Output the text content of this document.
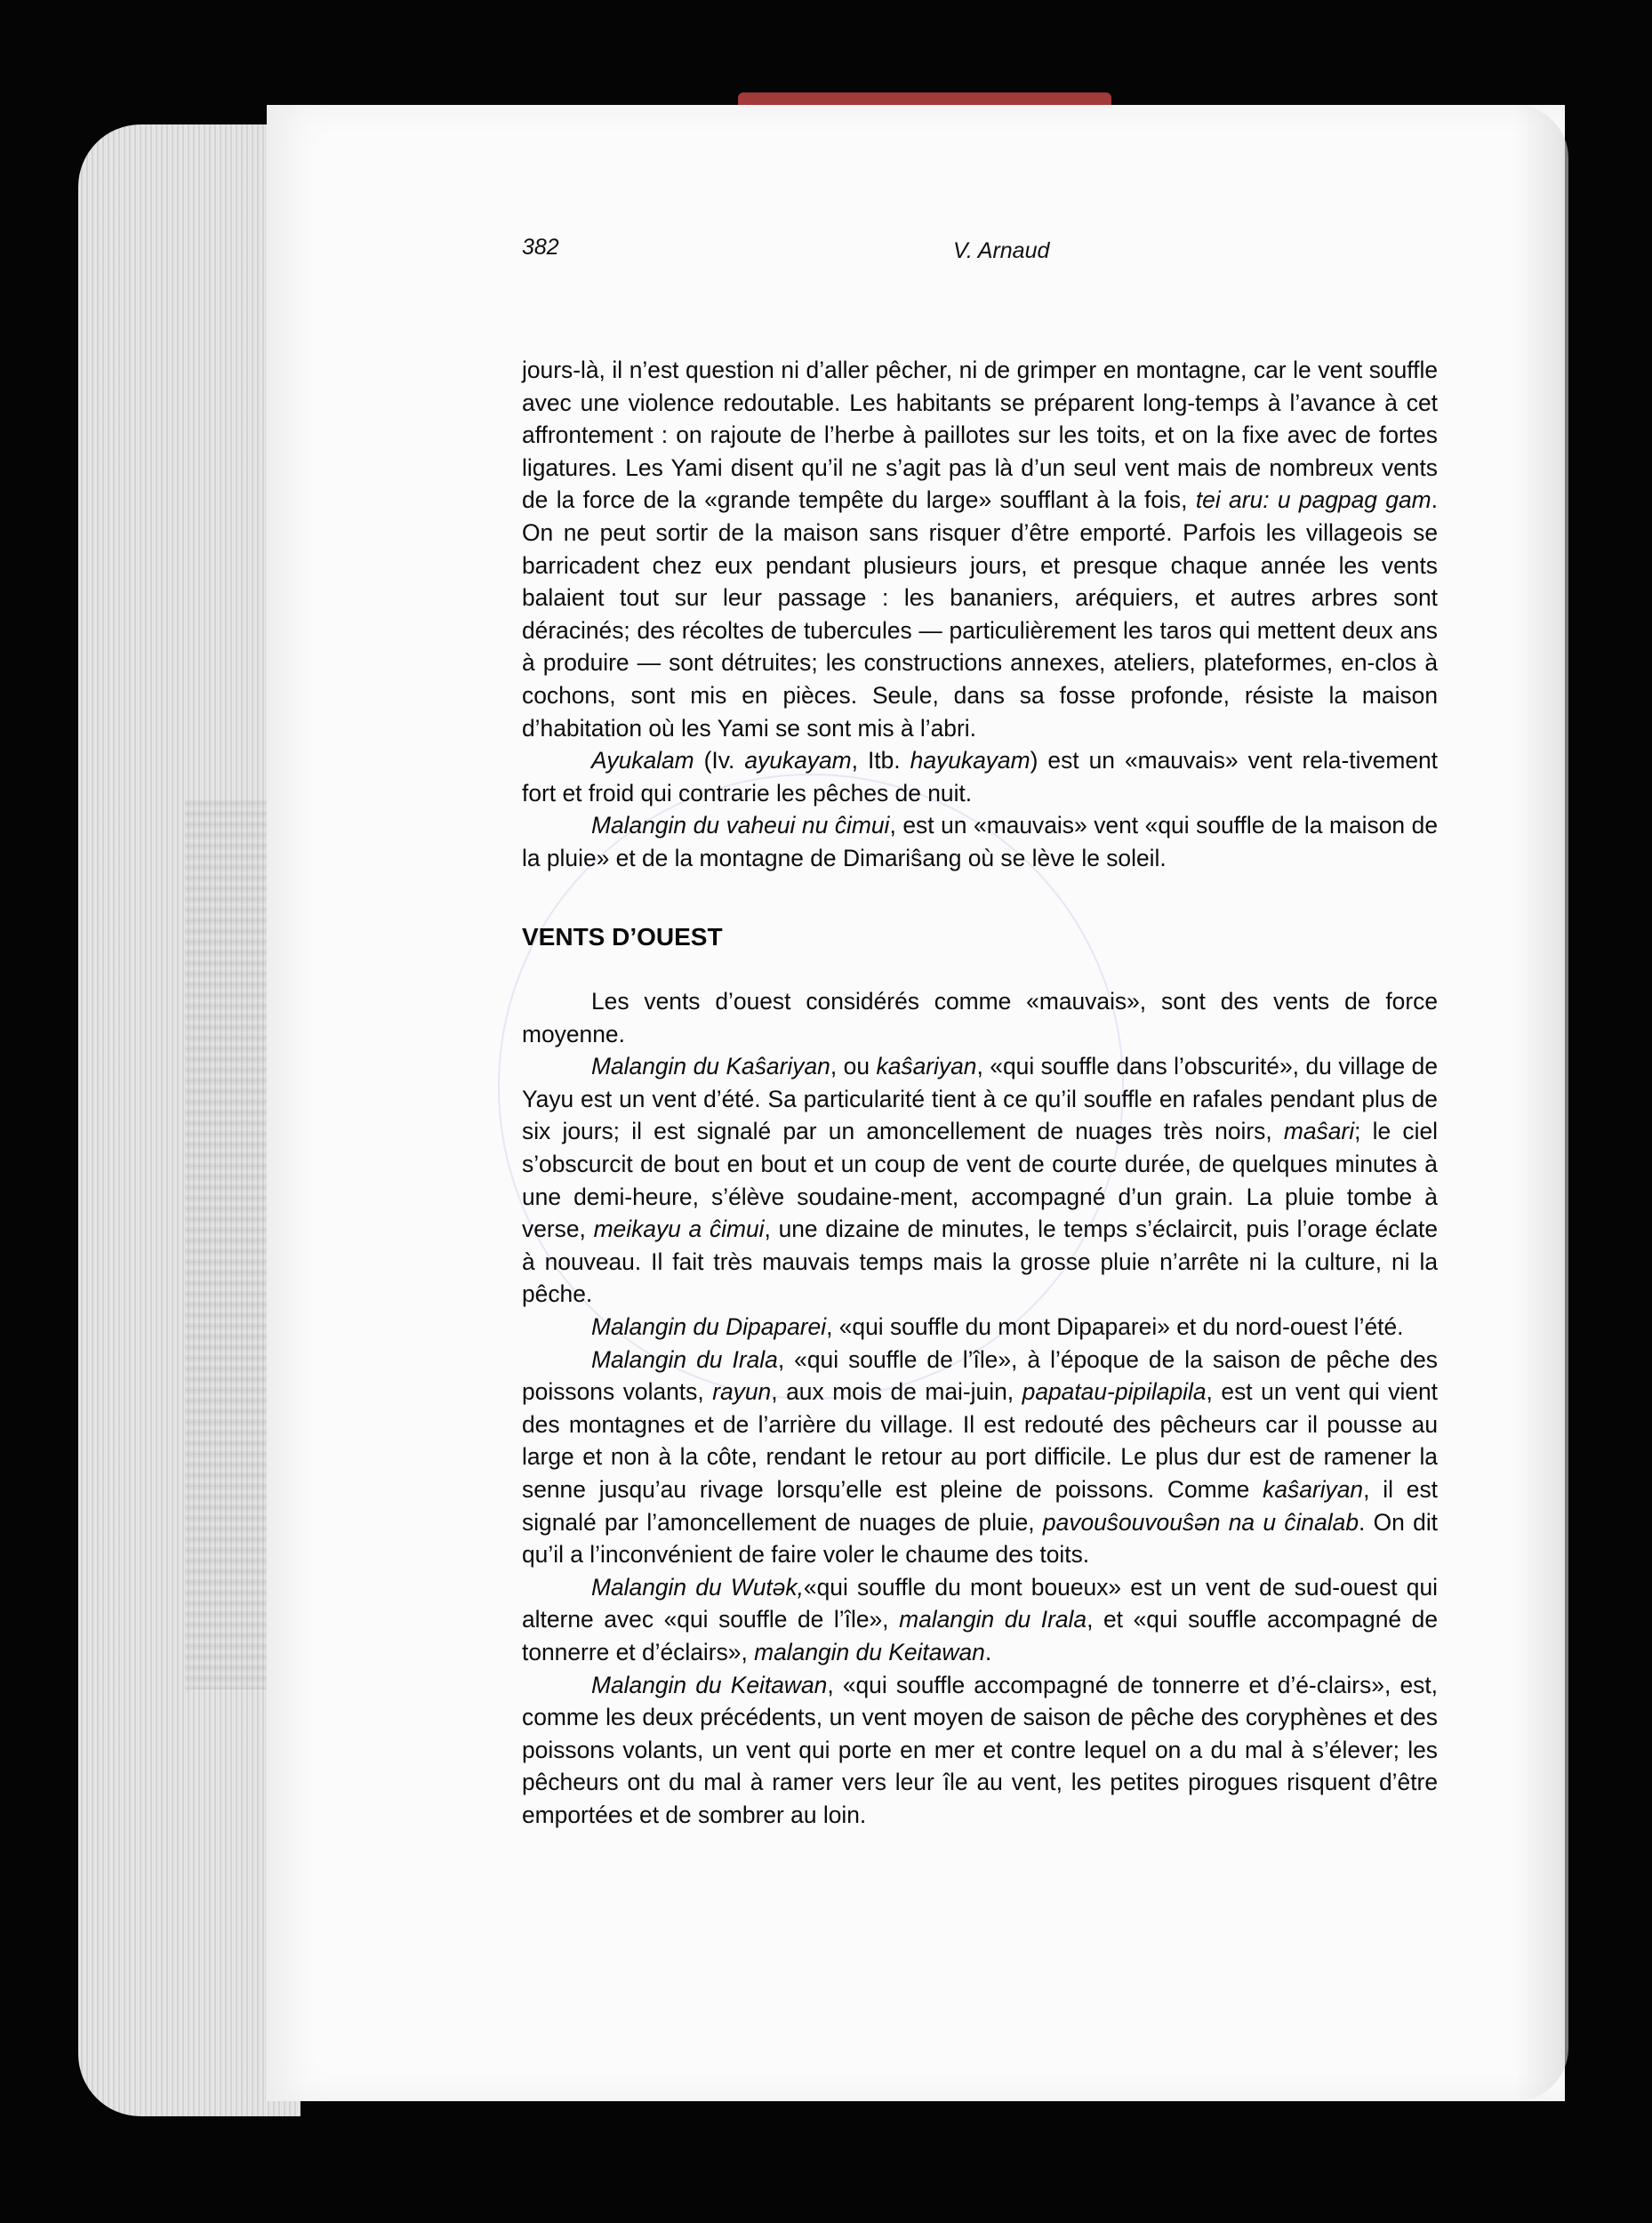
382	V. Arnaud

jours-là, il n’est question ni d’aller pêcher, ni de grimper en montagne, car le vent souffle avec une violence redoutable. Les habitants se préparent long-temps à l’avance à cet affrontement : on rajoute de l’herbe à paillotes sur les toits, et on la fixe avec de fortes ligatures. Les Yami disent qu’il ne s’agit pas là d’un seul vent mais de nombreux vents de la force de la «grande tempête du large» soufflant à la fois, tei aru: u pagpag gam. On ne peut sortir de la maison sans risquer d’être emporté. Parfois les villageois se barricadent chez eux pendant plusieurs jours, et presque chaque année les vents balaient tout sur leur passage : les bananiers, aréquiers, et autres arbres sont déracinés; des récoltes de tubercules — particulièrement les taros qui mettent deux ans à produire — sont détruites; les constructions annexes, ateliers, plateformes, en-clos à cochons, sont mis en pièces. Seule, dans sa fosse profonde, résiste la maison d’habitation où les Yami se sont mis à l’abri.

Ayukalam (Iv. ayukayam, Itb. hayukayam) est un «mauvais» vent rela-tivement fort et froid qui contrarie les pêches de nuit.

Malangin du vaheui nu ĉimui, est un «mauvais» vent «qui souffle de la maison de la pluie» et de la montagne de Dimariŝang où se lève le soleil.

VENTS D’OUEST

Les vents d’ouest considérés comme «mauvais», sont des vents de force moyenne.

Malangin du Kaŝariyan, ou kaŝariyan, «qui souffle dans l’obscurité», du village de Yayu est un vent d’été. Sa particularité tient à ce qu’il souffle en rafales pendant plus de six jours; il est signalé par un amoncellement de nuages très noirs, maŝari; le ciel s’obscurcit de bout en bout et un coup de vent de courte durée, de quelques minutes à une demi-heure, s’élève soudaine-ment, accompagné d’un grain. La pluie tombe à verse, meikayu a ĉimui, une dizaine de minutes, le temps s’éclaircit, puis l’orage éclate à nouveau. Il fait très mauvais temps mais la grosse pluie n’arrête ni la culture, ni la pêche.

Malangin du Dipaparei, «qui souffle du mont Dipaparei» et du nord-ouest l’été.

Malangin du Irala, «qui souffle de l’île», à l’époque de la saison de pêche des poissons volants, rayun, aux mois de mai-juin, papatau-pipilapila, est un vent qui vient des montagnes et de l’arrière du village. Il est redouté des pêcheurs car il pousse au large et non à la côte, rendant le retour au port difficile. Le plus dur est de ramener la senne jusqu’au rivage lorsqu’elle est pleine de poissons. Comme kaŝariyan, il est signalé par l’amoncellement de nuages de pluie, pavouŝouvouŝən na u ĉinalab. On dit qu’il a l’inconvénient de faire voler le chaume des toits.

Malangin du Wutək,«qui souffle du mont boueux» est un vent de sud-ouest qui alterne avec «qui souffle de l’île», malangin du Irala, et «qui souffle accompagné de tonnerre et d’éclairs», malangin du Keitawan.

Malangin du Keitawan, «qui souffle accompagné de tonnerre et d’é-clairs», est, comme les deux précédents, un vent moyen de saison de pêche des coryphènes et des poissons volants, un vent qui porte en mer et contre lequel on a du mal à s’élever; les pêcheurs ont du mal à ramer vers leur île au vent, les petites pirogues risquent d’être emportées et de sombrer au loin.
